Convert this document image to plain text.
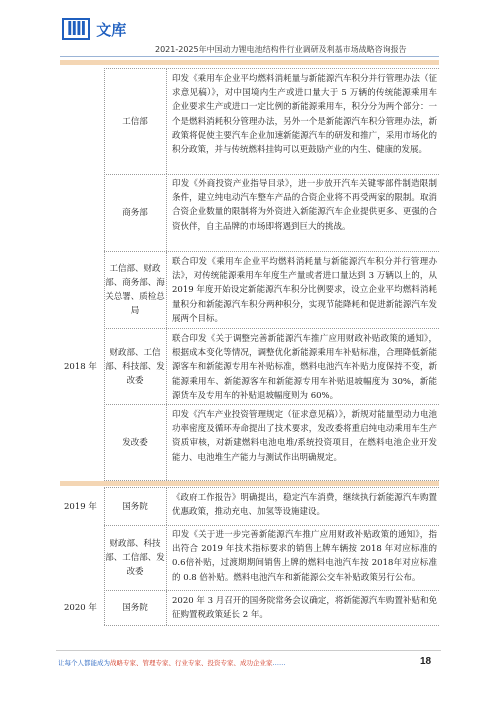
IIII 文库
2021-2025年中国动力锂电池结构件行业调研及利基市场战略咨询报告
工信部
印发《乘用车企业平均燃料消耗量与新能源汽车积分并行管理办法（征求意见稿）》，对中国境内生产或进口量大于 5 万辆的传统能源乘用车企业要求生产或进口一定比例的新能源乘用车，积分分为两个部分：一个是燃料消耗积分管理办法，另外一个是新能源汽车积分管理办法，新政策将促使主要汽车企业加速新能源汽车的研发和推广，采用市场化的积分政策，并与传统燃料挂钩可以更鼓励产业的内生、健康的发展。
商务部
印发《外商投资产业指导目录》，进一步放开汽车关键零部件制造限制条件，建立纯电动汽车整车产品的合资企业将不再受两家的限制。取消合资企业数量的限制将为外资进入新能源汽车企业提供更多、更强的合资伙伴，自主品牌的市场即将遇到巨大的挑战。
工信部、财政部、商务部、海关总署、质检总局
联合印发《乘用车企业平均燃料消耗量与新能源汽车积分并行管理办法》，对传统能源乘用车年度生产量或者进口量达到 3 万辆以上的，从 2019 年度开始设定新能源汽车积分比例要求，设立企业平均燃料消耗量积分和新能源汽车积分两种积分，实现节能降耗和促进新能源汽车发展两个目标。
财政部、工信部、科技部、发改委
联合印发《关于调整完善新能源汽车推广应用财政补贴政策的通知》，根据成本变化等情况，调整优化新能源乘用车补贴标准，合理降低新能源客车和新能源专用车补贴标准，燃料电池汽车补贴力度保持不变，新能源乘用车、新能源客车和新能源专用车补贴退坡幅度为 30%，新能源货车及专用车的补贴退坡幅度则为 60%。
发改委
印发《汽车产业投资管理规定（征求意见稿）》，新规对能量型动力电池功率密度及循环寿命提出了技术要求，发改委将重启纯电动乘用车生产资质审核，对新建燃料电池电堆/系统投资项目，在燃料电池企业开发能力、电池堆生产能力与测试作出明确规定。
国务院
《政府工作报告》明确提出，稳定汽车消费，继续执行新能源汽车购置优惠政策，推动充电、加氢等设施建设。
财政部、科技部、工信部、发改委
印发《关于进一步完善新能源汽车推广应用财政补贴政策的通知》，指出符合 2019 年技术指标要求的销售上牌车辆按 2018 年对应标准的0.6倍补贴，过渡期期间销售上牌的燃料电池汽车按 2018年对应标准的 0.8 倍补贴。燃料电池汽车和新能源公交车补贴政策另行公布。
国务院
2020 年 3 月召开的国务院常务会议确定，将新能源汽车购置补贴和免征购置税政策延长 2 年。
2018 年
2019 年
2020 年
让每个人都能成为战略专家、管理专家、行业专家、投资专家、成功企业家……	18
